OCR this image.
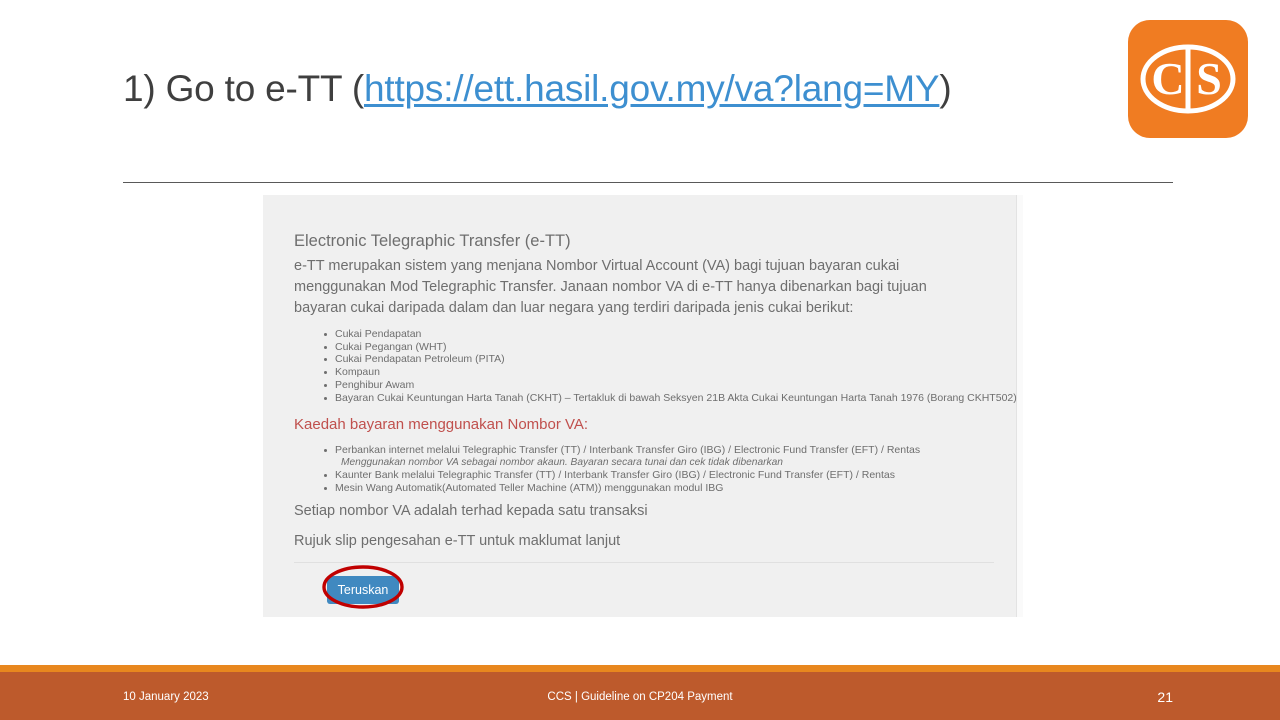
1) Go to e-TT (https://ett.hasil.gov.my/va?lang=MY)	C S
Electronic Telegraphic Transfer (e-TT)
e-TT merupakan sistem yang menjana Nombor Virtual Account (VA) bagi tujuan bayaran cukai menggunakan Mod Telegraphic Transfer. Janaan nombor VA di e-TT hanya dibenarkan bagi tujuan bayaran cukai daripada dalam dan luar negara yang terdiri daripada jenis cukai berikut:
Cukai Pendapatan
Cukai Pegangan (WHT)
Cukai Pendapatan Petroleum (PITA)
Kompaun
Penghibur Awam
Bayaran Cukai Keuntungan Harta Tanah (CKHT) – Tertakluk di bawah Seksyen 21B Akta Cukai Keuntungan Harta Tanah 1976 (Borang CKHT502)
Kaedah bayaran menggunakan Nombor VA:
Perbankan internet melalui Telegraphic Transfer (TT) / Interbank Transfer Giro (IBG) / Electronic Fund Transfer (EFT) / Rentas
Menggunakan nombor VA sebagai nombor akaun. Bayaran secara tunai dan cek tidak dibenarkan
Kaunter Bank melalui Telegraphic Transfer (TT) / Interbank Transfer Giro (IBG) / Electronic Fund Transfer (EFT) / Rentas
Mesin Wang Automatik(Automated Teller Machine (ATM)) menggunakan modul IBG
Setiap nombor VA adalah terhad kepada satu transaksi
Rujuk slip pengesahan e-TT untuk maklumat lanjut
Teruskan
10 January 2023	CCS | Guideline on CP204 Payment	21
